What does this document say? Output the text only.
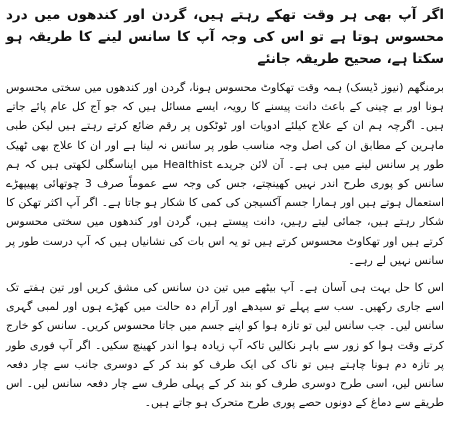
اگر آپ بھی ہر وقت تھکے رہتے ہیں، گردن اور کندھوں میں درد محسوس ہوتا ہے تو اس کی وجہ آپ کا سانس لینے کا طریقہ ہو سکتا ہے، صحیح طریقہ جانئے
برمنگھم (نیوز ڈیسک) ہمہ وقت تھکاوٹ محسوس ہونا، گردن اور کندھوں میں سختی محسوس ہونا اور بے چینی کے باعث دانت پیسنے کا رویہ، ایسے مسائل ہیں کہ جو آج کل عام پائے جاتے ہیں۔ اگرچہ ہم ان کے علاج کیلئے ادویات اور ٹوٹکوں پر رقم ضائع کرتے رہتے ہیں لیکن طبی ماہرین کے مطابق ان کی اصل وجہ مناسب طور پر سانس نہ لینا ہے اور ان کا علاج بھی ٹھیک طور پر سانس لینے میں ہی ہے۔ آن لائن جریدے Healthist میں ایناسگلی لکھتی ہیں کہ ہم سانس کو پوری طرح اندر نہیں کھینچتے، جس کی وجہ سے عموماً صرف 3 چوتھائی پھیپھڑے استعمال ہوتے ہیں اور ہمارا جسم آکسیجن کی کمی کا شکار ہو جاتا ہے۔ اگر آپ اکثر تھکن کا شکار رہتے ہیں، جمائی لیتے رہیں، دانت پیستے ہیں، گردن اور کندھوں میں سختی محسوس کرتے ہیں اور تھکاوٹ محسوس کرتے ہیں تو یہ اس بات کی نشانیاں ہیں کہ آپ درست طور پر سانس نہیں لے رہے۔
اس کا حل بہت ہی آسان ہے۔ آپ بیٹھے میں تین دن سانس کی مشق کریں اور تین ہفتے تک اسے جاری رکھیں۔ سب سے پہلے تو سیدھے اور آرام دہ حالت میں کھڑے ہوں اور لمبی گہری سانس لیں۔ جب سانس لیں تو تازہ ہوا کو اپنے جسم میں جاتا محسوس کریں۔ سانس کو خارج کرتے وقت ہوا کو زور سے باہر نکالیں تاکہ آپ زیادہ ہوا اندر کھینچ سکیں۔ اگر آپ فوری طور پر تازہ دم ہونا چاہتے ہیں تو ناک کی ایک طرف کو بند کر کے دوسری جانب سے چار دفعہ سانس لیں، اسی طرح دوسری طرف کو بند کر کے پہلی طرف سے چار دفعہ سانس لیں۔ اس طریقے سے دماغ کے دونوں حصے پوری طرح متحرک ہو جاتے ہیں۔
